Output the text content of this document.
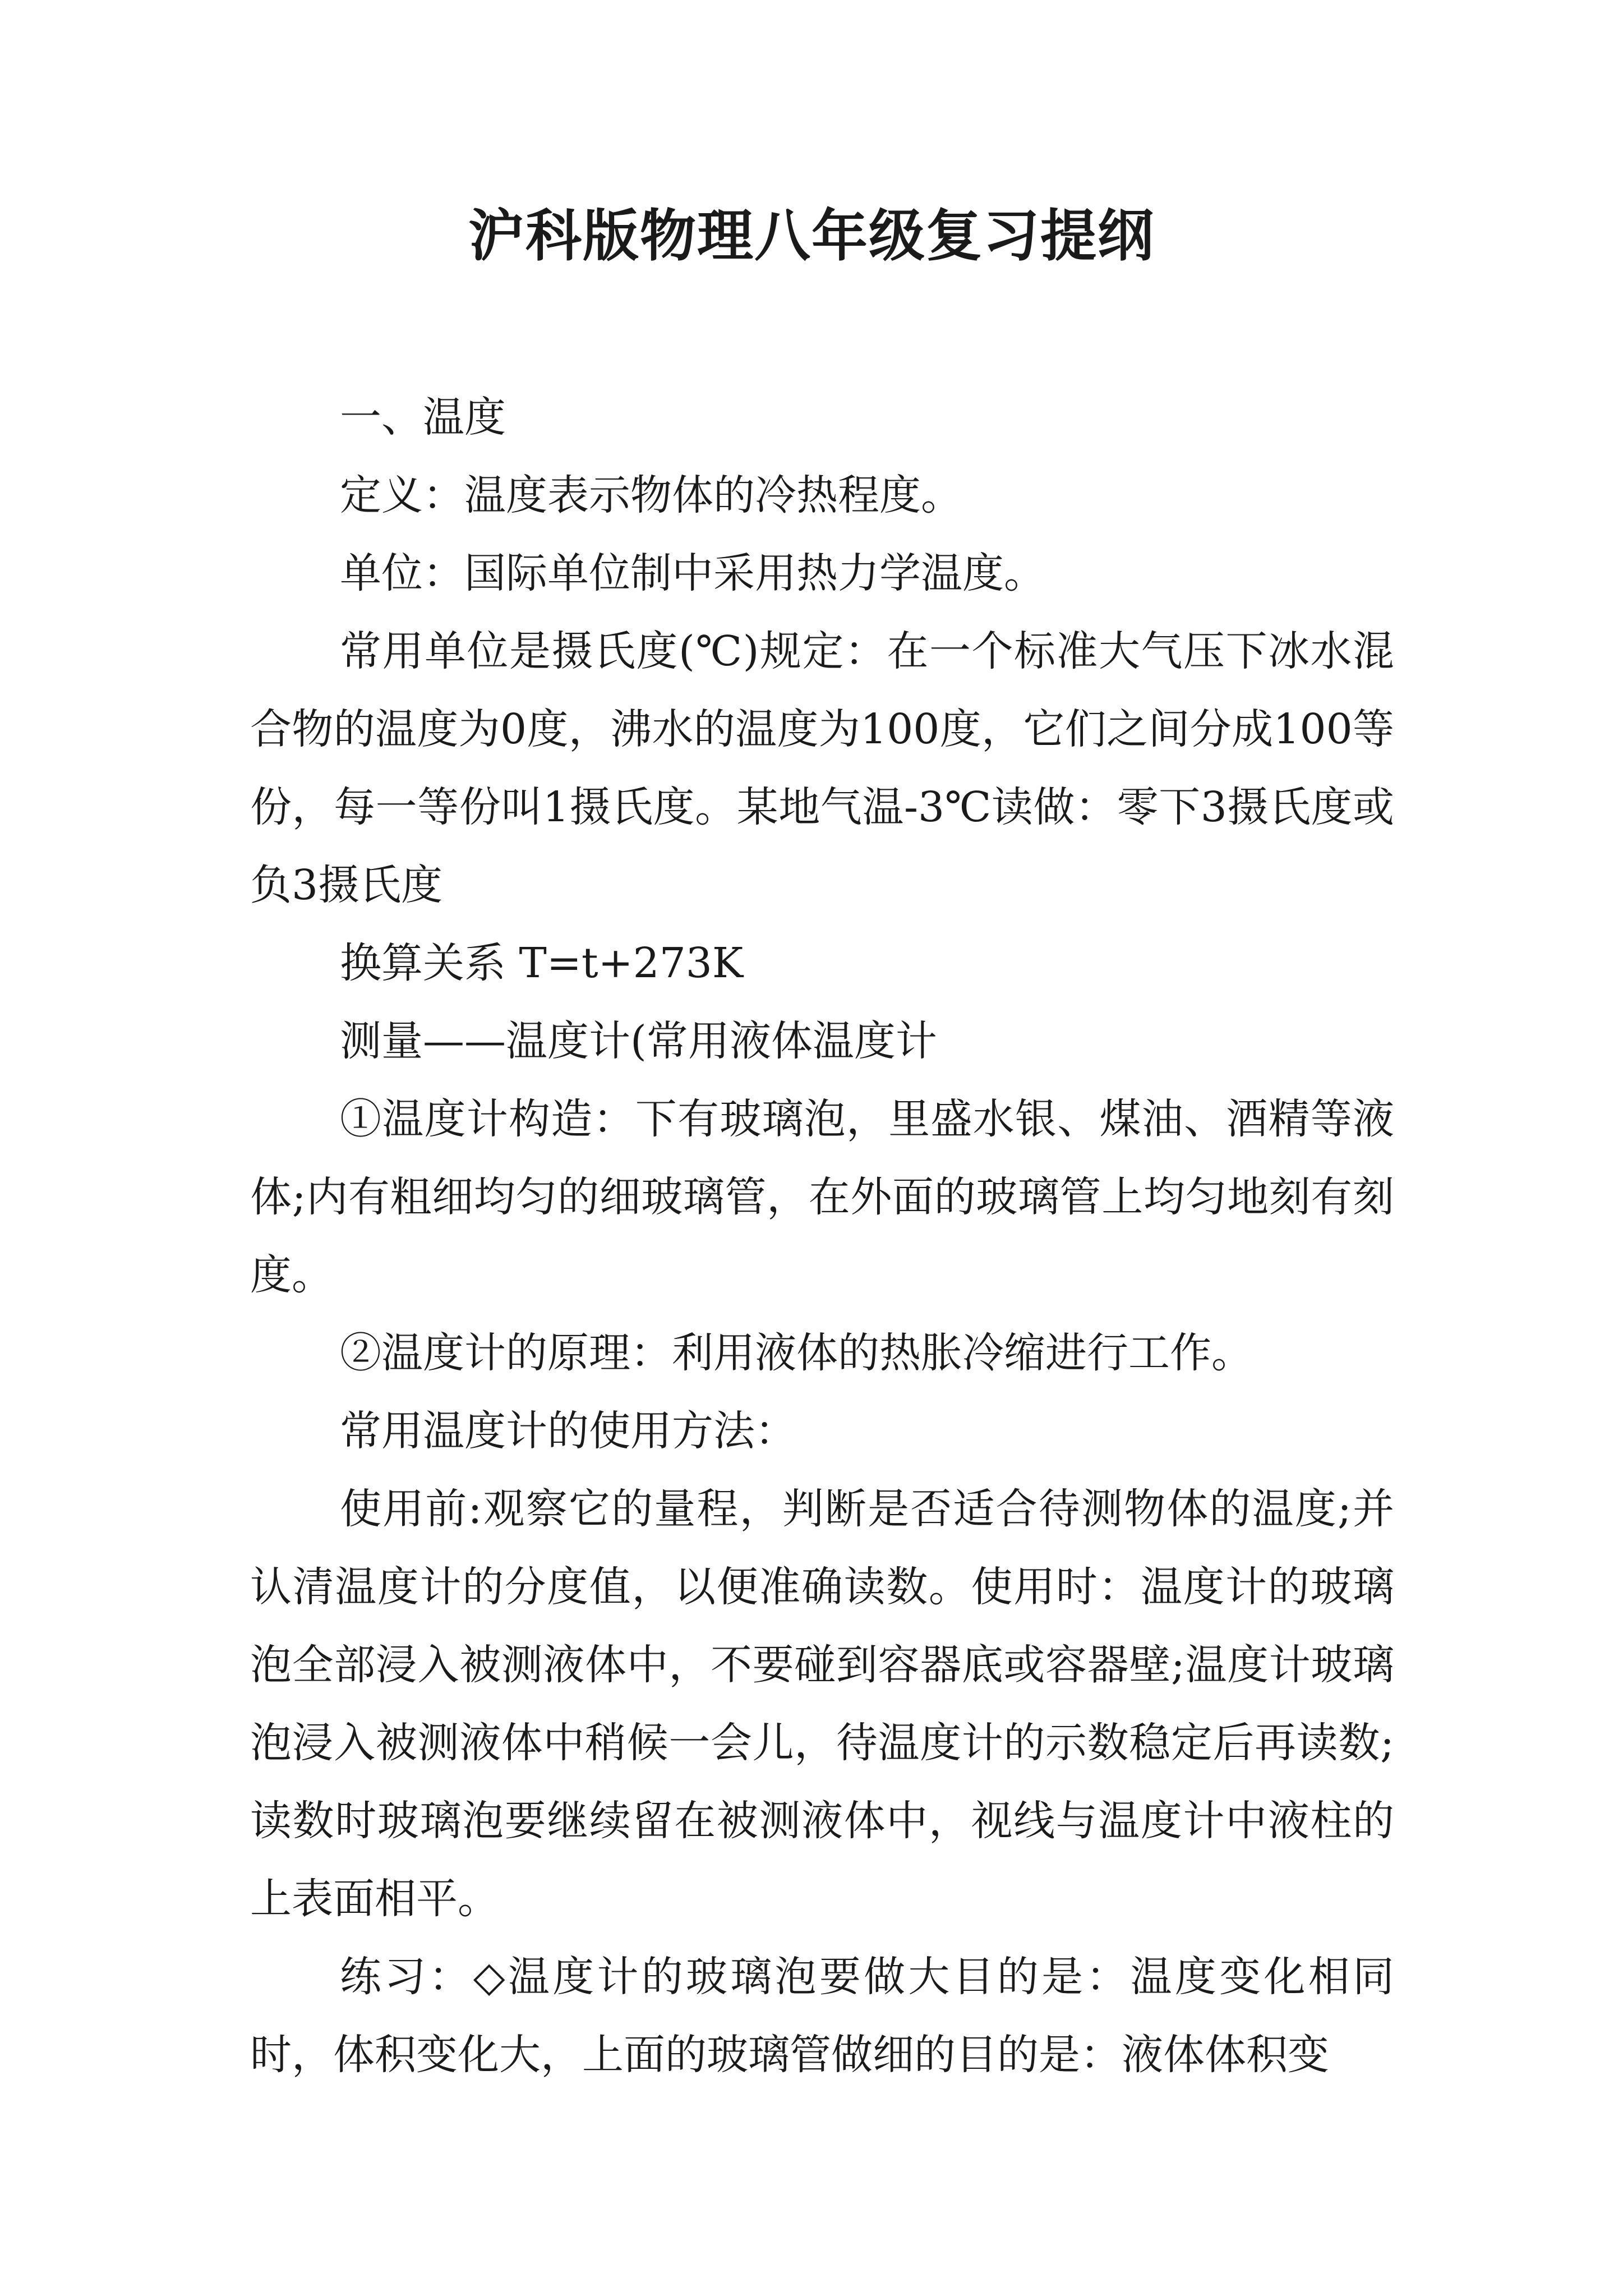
沪科版物理八年级复习提纲

一、温度

定义：温度表示物体的冷热程度。

单位：国际单位制中采用热力学温度。

常用单位是摄氏度(℃)规定：在一个标准大气压下冰水混合物的温度为0度，沸水的温度为100度，它们之间分成100等份，每一等份叫1摄氏度。某地气温-3℃读做：零下3摄氏度或负3摄氏度

换算关系 T=t+273K

测量——温度计(常用液体温度计

①温度计构造：下有玻璃泡，里盛水银、煤油、酒精等液体;内有粗细均匀的细玻璃管，在外面的玻璃管上均匀地刻有刻度。

②温度计的原理：利用液体的热胀冷缩进行工作。

常用温度计的使用方法：

使用前:观察它的量程，判断是否适合待测物体的温度;并认清温度计的分度值，以便准确读数。使用时：温度计的玻璃泡全部浸入被测液体中，不要碰到容器底或容器壁;温度计玻璃泡浸入被测液体中稍候一会儿，待温度计的示数稳定后再读数;读数时玻璃泡要继续留在被测液体中，视线与温度计中液柱的上表面相平。

练习：◇温度计的玻璃泡要做大目的是：温度变化相同时，体积变化大，上面的玻璃管做细的目的是：液体体积变
